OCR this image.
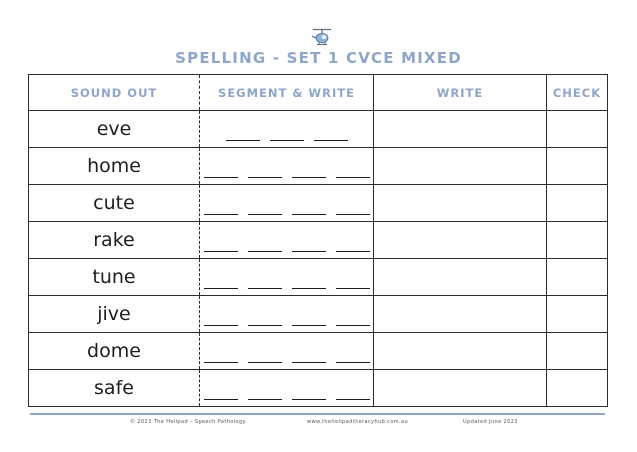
SPELLING - SET 1 CVCE MIXED
SOUND OUT	SEGMENT & WRITE	WRITE	CHECK
eve	

home	

cute	

rake	

tune	

jive	

dome	

safe	

© 2023 The Helipad – Speech Pathology	www.thehelipadliteracyhub.com.au	Updated June 2023
